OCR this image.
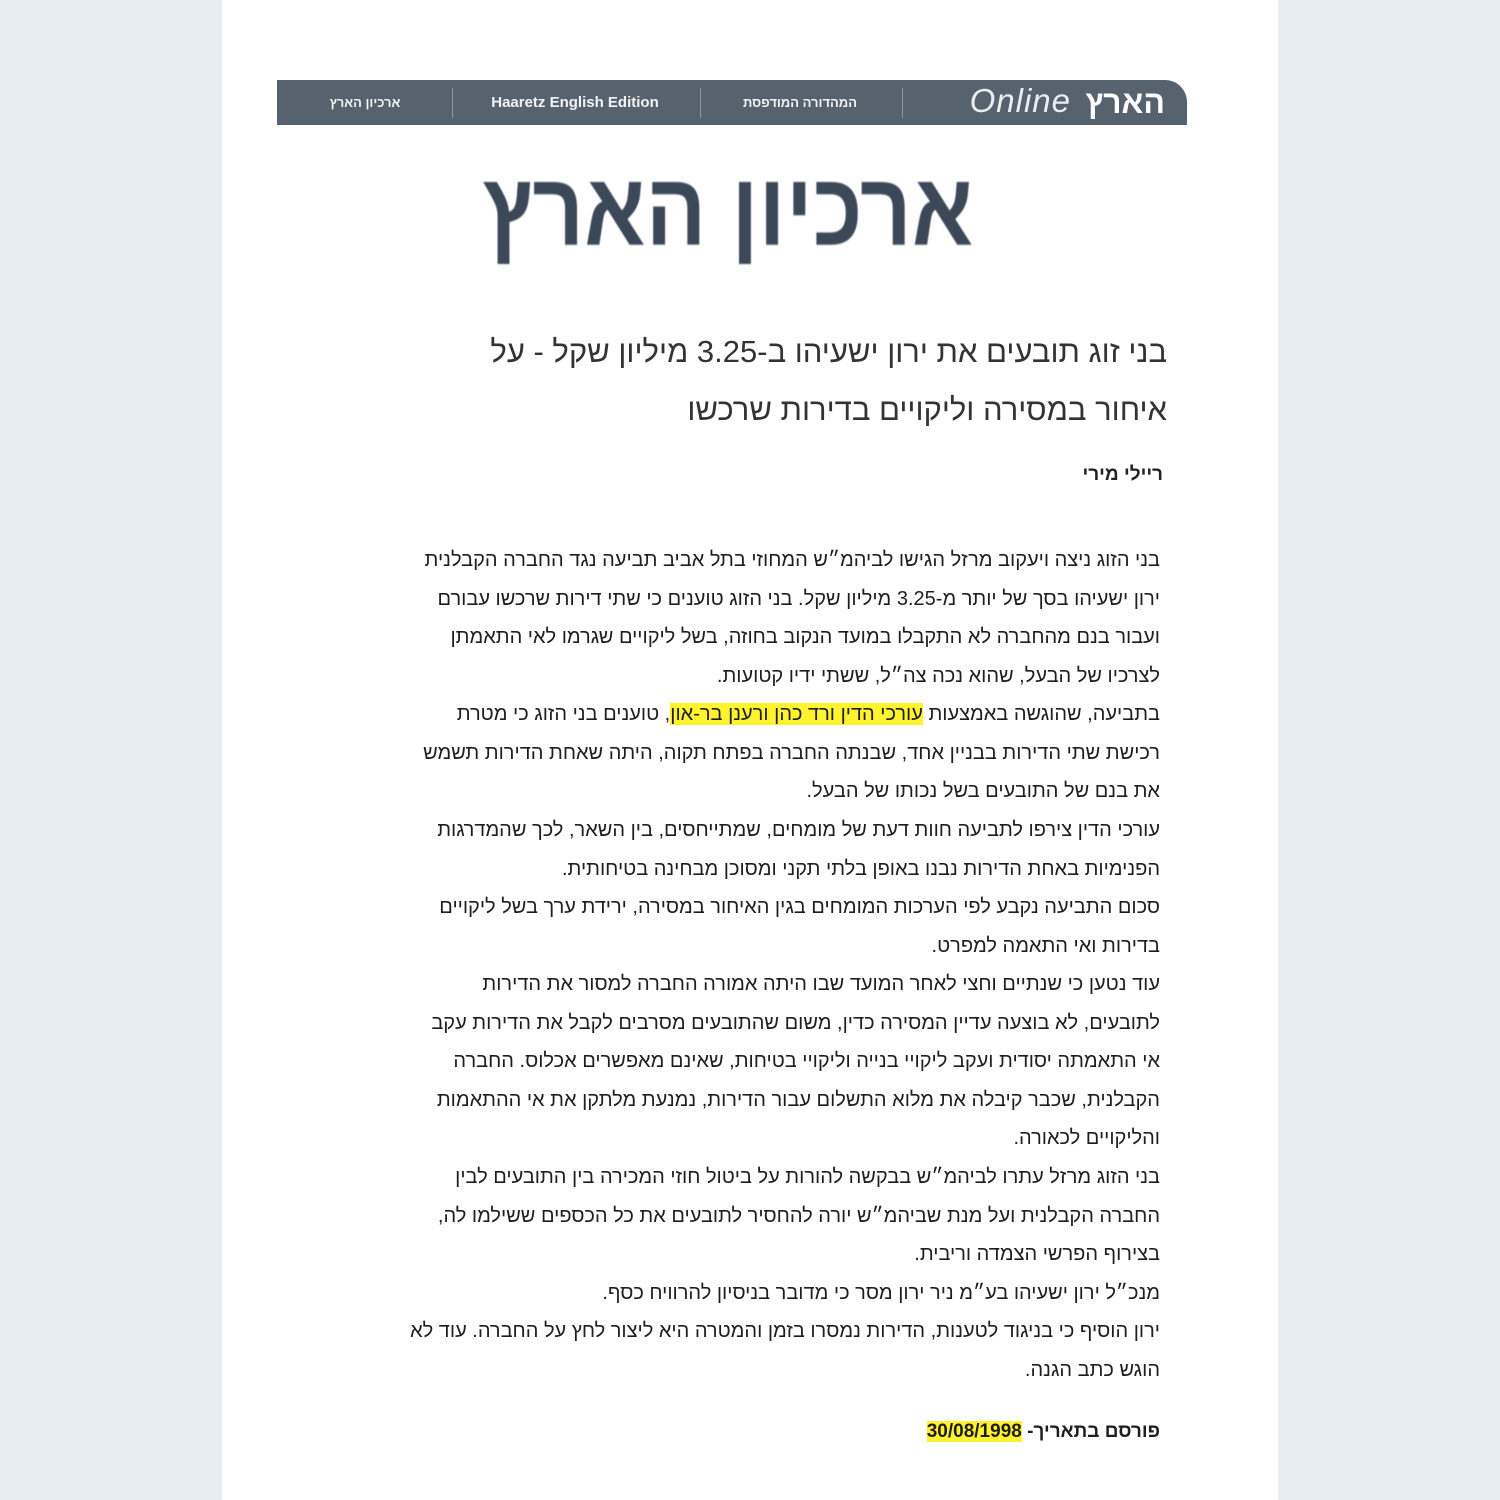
הארץ
Online
המהדורה המודפסת
Haaretz English Edition
ארכיון הארץ
ארכיון הארץ
בני זוג תובעים את ירון ישעיהו ב-3.25 מיליון שקל - על
איחור במסירה וליקויים בדירות שרכשו
ריילי מירי
בני הזוג ניצה ויעקוב מרזל הגישו לביהמ״ש המחוזי בתל אביב תביעה נגד החברה הקבלנית
ירון ישעיהו בסך של יותר מ-3.25 מיליון שקל. בני הזוג טוענים כי שתי דירות שרכשו עבורם
ועבור בנם מהחברה לא התקבלו במועד הנקוב בחוזה, בשל ליקויים שגרמו לאי התאמתן
לצרכיו של הבעל, שהוא נכה צה״ל, ששתי ידיו קטועות.
בתביעה, שהוגשה באמצעות עורכי הדין ורד כהן ורענן בר-און, טוענים בני הזוג כי מטרת
רכישת שתי הדירות בבניין אחד, שבנתה החברה בפתח תקוה, היתה שאחת הדירות תשמש
את בנם של התובעים בשל נכותו של הבעל.
עורכי הדין צירפו לתביעה חוות דעת של מומחים, שמתייחסים, בין השאר, לכך שהמדרגות
הפנימיות באחת הדירות נבנו באופן בלתי תקני ומסוכן מבחינה בטיחותית.
סכום התביעה נקבע לפי הערכות המומחים בגין האיחור במסירה, ירידת ערך בשל ליקויים
בדירות ואי התאמה למפרט.
עוד נטען כי שנתיים וחצי לאחר המועד שבו היתה אמורה החברה למסור את הדירות
לתובעים, לא בוצעה עדיין המסירה כדין, משום שהתובעים מסרבים לקבל את הדירות עקב
אי התאמתה יסודית ועקב ליקויי בנייה וליקויי בטיחות, שאינם מאפשרים אכלוס. החברה
הקבלנית, שכבר קיבלה את מלוא התשלום עבור הדירות, נמנעת מלתקן את אי ההתאמות
והליקויים לכאורה.
בני הזוג מרזל עתרו לביהמ״ש בבקשה להורות על ביטול חוזי המכירה בין התובעים לבין
החברה הקבלנית ועל מנת שביהמ״ש יורה להחסיר לתובעים את כל הכספים ששילמו לה,
בצירוף הפרשי הצמדה וריבית.
מנכ״ל ירון ישעיהו בע״מ ניר ירון מסר כי מדובר בניסיון להרוויח כסף.
ירון הוסיף כי בניגוד לטענות, הדירות נמסרו בזמן והמטרה היא ליצור לחץ על החברה. עוד לא
הוגש כתב הגנה.
פורסם בתאריך- 30/08/1998
